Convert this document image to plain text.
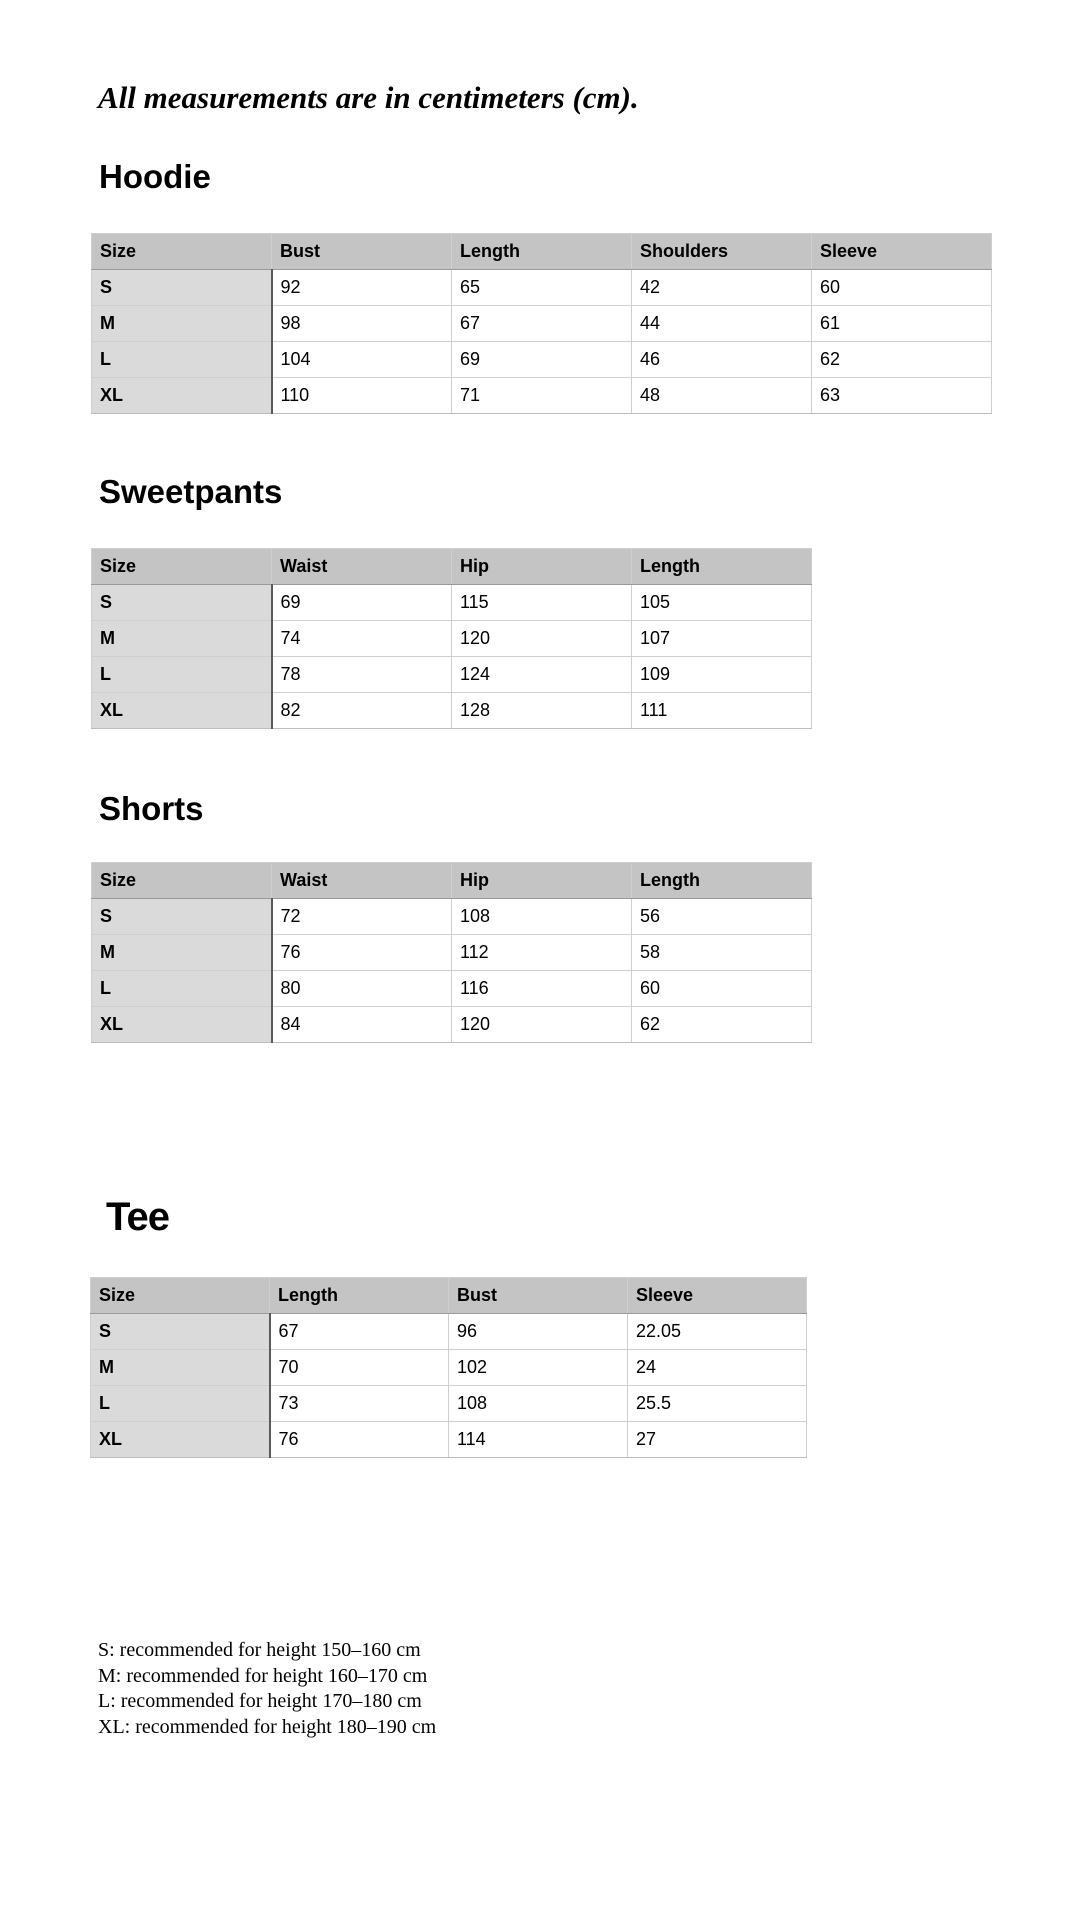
All measurements are in centimeters (cm).
Hoodie
Size	Bust	Length	Shoulders	Sleeve
S	92	65	42	60
M	98	67	44	61
L	104	69	46	62
XL	110	71	48	63
Sweetpants
Size	Waist	Hip	Length
S	69	115	105
M	74	120	107
L	78	124	109
XL	82	128	111
Shorts
Size	Waist	Hip	Length
S	72	108	56
M	76	112	58
L	80	116	60
XL	84	120	62
Tee
Size	Length	Bust	Sleeve
S	67	96	22.05
M	70	102	24
L	73	108	25.5
XL	76	114	27
S: recommended for height 150–160 cm
M: recommended for height 160–170 cm
L: recommended for height 170–180 cm
XL: recommended for height 180–190 cm
